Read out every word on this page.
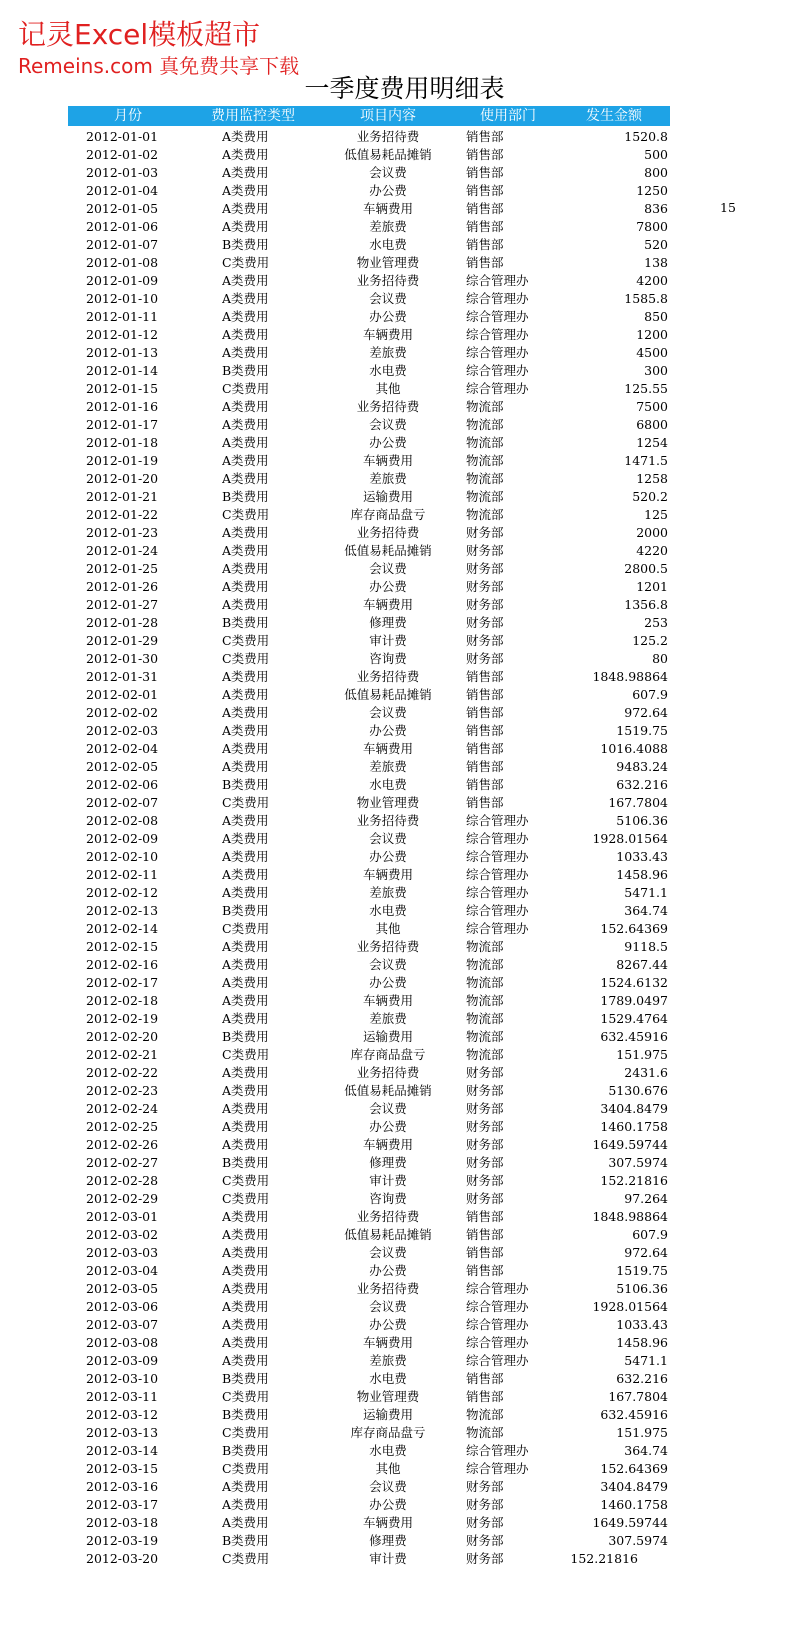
记灵Excel模板超市
Remeins.com 真免费共享下载
一季度费用明细表
月份	费用监控类型	项目内容	使用部门	发生金额
2012-01-01	A类费用	业务招待费	销售部	1520.8
2012-01-02	A类费用	低值易耗品摊销	销售部	500
2012-01-03	A类费用	会议费	销售部	800
2012-01-04	A类费用	办公费	销售部	1250
2012-01-05	A类费用	车辆费用	销售部	836
2012-01-06	A类费用	差旅费	销售部	7800
2012-01-07	B类费用	水电费	销售部	520
2012-01-08	C类费用	物业管理费	销售部	138
2012-01-09	A类费用	业务招待费	综合管理办	4200
2012-01-10	A类费用	会议费	综合管理办	1585.8
2012-01-11	A类费用	办公费	综合管理办	850
2012-01-12	A类费用	车辆费用	综合管理办	1200
2012-01-13	A类费用	差旅费	综合管理办	4500
2012-01-14	B类费用	水电费	综合管理办	300
2012-01-15	C类费用	其他	综合管理办	125.55
2012-01-16	A类费用	业务招待费	物流部	7500
2012-01-17	A类费用	会议费	物流部	6800
2012-01-18	A类费用	办公费	物流部	1254
2012-01-19	A类费用	车辆费用	物流部	1471.5
2012-01-20	A类费用	差旅费	物流部	1258
2012-01-21	B类费用	运输费用	物流部	520.2
2012-01-22	C类费用	库存商品盘亏	物流部	125
2012-01-23	A类费用	业务招待费	财务部	2000
2012-01-24	A类费用	低值易耗品摊销	财务部	4220
2012-01-25	A类费用	会议费	财务部	2800.5
2012-01-26	A类费用	办公费	财务部	1201
2012-01-27	A类费用	车辆费用	财务部	1356.8
2012-01-28	B类费用	修理费	财务部	253
2012-01-29	C类费用	审计费	财务部	125.2
2012-01-30	C类费用	咨询费	财务部	80
2012-01-31	A类费用	业务招待费	销售部	1848.98864
2012-02-01	A类费用	低值易耗品摊销	销售部	607.9
2012-02-02	A类费用	会议费	销售部	972.64
2012-02-03	A类费用	办公费	销售部	1519.75
2012-02-04	A类费用	车辆费用	销售部	1016.4088
2012-02-05	A类费用	差旅费	销售部	9483.24
2012-02-06	B类费用	水电费	销售部	632.216
2012-02-07	C类费用	物业管理费	销售部	167.7804
2012-02-08	A类费用	业务招待费	综合管理办	5106.36
2012-02-09	A类费用	会议费	综合管理办	1928.01564
2012-02-10	A类费用	办公费	综合管理办	1033.43
2012-02-11	A类费用	车辆费用	综合管理办	1458.96
2012-02-12	A类费用	差旅费	综合管理办	5471.1
2012-02-13	B类费用	水电费	综合管理办	364.74
2012-02-14	C类费用	其他	综合管理办	152.64369
2012-02-15	A类费用	业务招待费	物流部	9118.5
2012-02-16	A类费用	会议费	物流部	8267.44
2012-02-17	A类费用	办公费	物流部	1524.6132
2012-02-18	A类费用	车辆费用	物流部	1789.0497
2012-02-19	A类费用	差旅费	物流部	1529.4764
2012-02-20	B类费用	运输费用	物流部	632.45916
2012-02-21	C类费用	库存商品盘亏	物流部	151.975
2012-02-22	A类费用	业务招待费	财务部	2431.6
2012-02-23	A类费用	低值易耗品摊销	财务部	5130.676
2012-02-24	A类费用	会议费	财务部	3404.8479
2012-02-25	A类费用	办公费	财务部	1460.1758
2012-02-26	A类费用	车辆费用	财务部	1649.59744
2012-02-27	B类费用	修理费	财务部	307.5974
2012-02-28	C类费用	审计费	财务部	152.21816
2012-02-29	C类费用	咨询费	财务部	97.264
2012-03-01	A类费用	业务招待费	销售部	1848.98864
2012-03-02	A类费用	低值易耗品摊销	销售部	607.9
2012-03-03	A类费用	会议费	销售部	972.64
2012-03-04	A类费用	办公费	销售部	1519.75
2012-03-05	A类费用	业务招待费	综合管理办	5106.36
2012-03-06	A类费用	会议费	综合管理办	1928.01564
2012-03-07	A类费用	办公费	综合管理办	1033.43
2012-03-08	A类费用	车辆费用	综合管理办	1458.96
2012-03-09	A类费用	差旅费	综合管理办	5471.1
2012-03-10	B类费用	水电费	销售部	632.216
2012-03-11	C类费用	物业管理费	销售部	167.7804
2012-03-12	B类费用	运输费用	物流部	632.45916
2012-03-13	C类费用	库存商品盘亏	物流部	151.975
2012-03-14	B类费用	水电费	综合管理办	364.74
2012-03-15	C类费用	其他	综合管理办	152.64369
2012-03-16	A类费用	会议费	财务部	3404.8479
2012-03-17	A类费用	办公费	财务部	1460.1758
2012-03-18	A类费用	车辆费用	财务部	1649.59744
2012-03-19	B类费用	修理费	财务部	307.5974
2012-03-20	C类费用	审计费	财务部	152.21816
15
